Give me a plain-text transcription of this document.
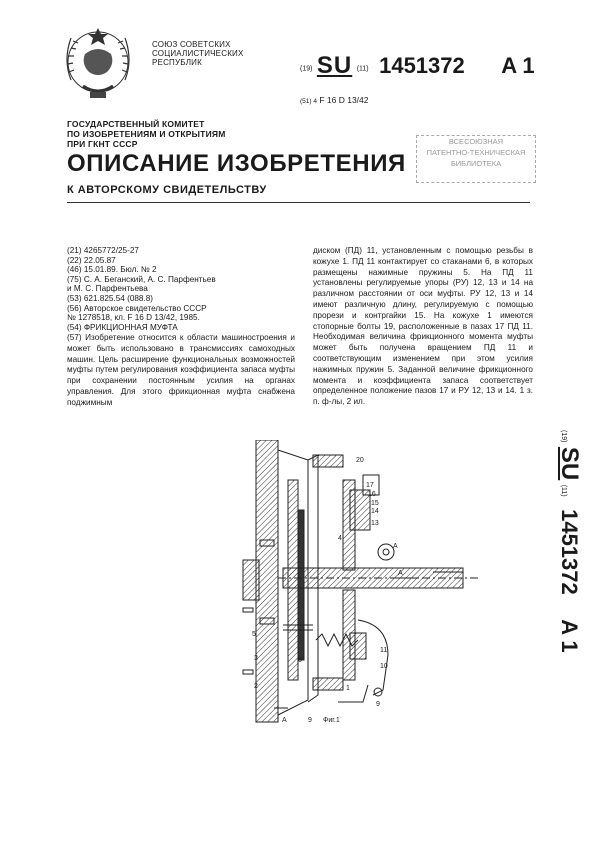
СОЮЗ СОВЕТСКИХ
СОЦИАЛИСТИЧЕСКИХ
РЕСПУБЛИК
(19) SU (11) 1451372 A 1
(51) 4 F 16 D 13/42
ГОСУДАРСТВЕННЫЙ КОМИТЕТ
ПО ИЗОБРЕТЕНИЯМ И ОТКРЫТИЯМ
ПРИ ГКНТ СССР	ВСЕСОЮЗНАЯ
ПАТЕНТНО-ТЕХНИЧЕСКАЯ
БИБЛИОТЕКА
ОПИСАНИЕ ИЗОБРЕТЕНИЯ
К АВТОРСКОМУ СВИДЕТЕЛЬСТВУ
(21) 4265772/25-27
(22) 22.05.87
(46) 15.01.89. Бюл. № 2
(75) С. А. Беганский, А. С. Парфентьев
и М. С. Парфентьева
(53) 621.825.54 (088.8)
(56) Авторское свидетельство СССР
№ 1278518, кл. F 16 D 13/42, 1985.
(54) ФРИКЦИОННАЯ МУФТА
(57) Изобретение относится к области машиностроения и может быть использовано в трансмиссиях самоходных машин. Цель расширение функциональных возможностей муфты путем регулирования коэффициента запаса муфты при сохранении постоянным усилия на органах управления. Для этого фрикционная муфта снабжена поджимным
диском (ПД) 11, установленным с помощью резьбы в кожухе 1. ПД 11 контактирует со стаканами 6, в которых размещены нажимные пружины 5. На ПД 11 установлены регулируемые упоры (РУ) 12, 13 и 14 на различном расстоянии от оси муфты. РУ 12, 13 и 14 имеют различную длину, регулируемую с помощью прорези и контргайки 15. На кожухе 1 имеются стопорные болты 19, расположенные в пазах 17 ПД 11. Необходимая величина фрикционного момента муфты может быть получена вращением ПД 11 и соответствующим изменением при этом усилия нажимных пружин 5. Заданной величине фрикционного момента и коэффициента запаса соответствует определенное положение пазов 17 и РУ 12, 13 и 14. 1 з. п. ф-лы, 2 ил.
(19) SU (11) 1451372 A 1
20
17
16
15
14
13
A
A
5
3
2
11
10
1
9
6
4
A	9 Фиг.1
